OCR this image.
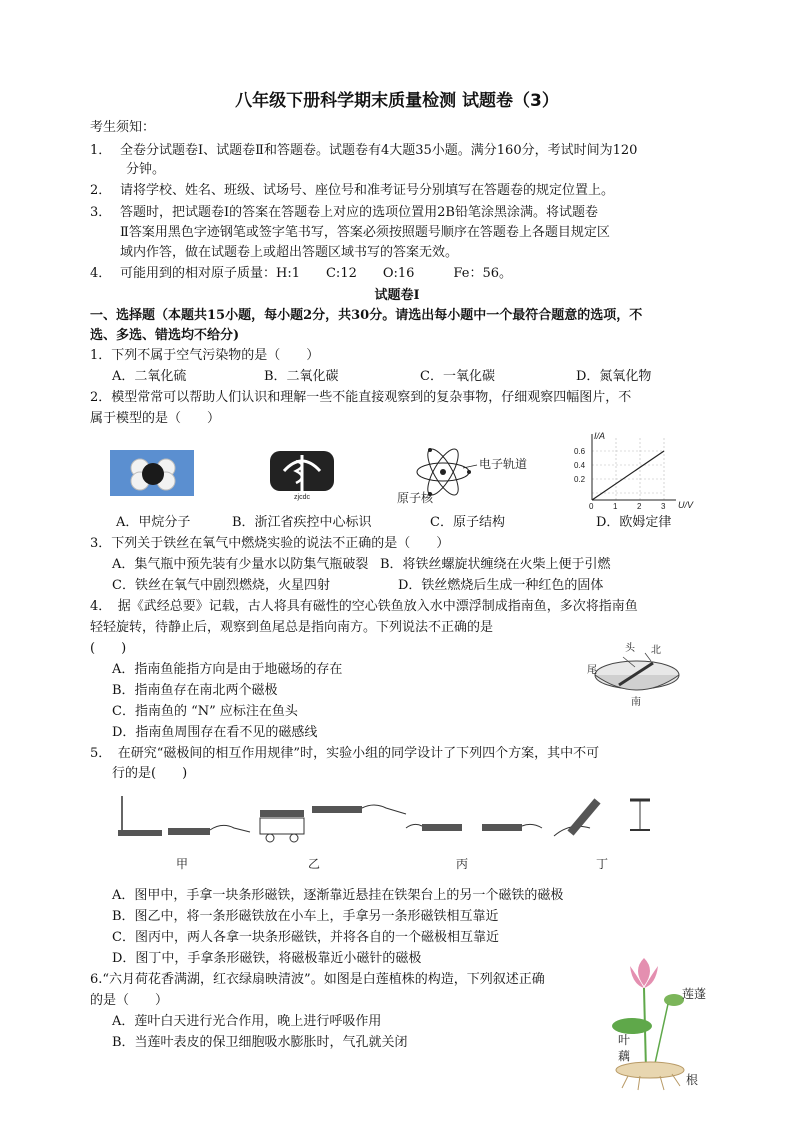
八年级下册科学期末质量检测 试题卷（3）
考生须知：
1． 全卷分试题卷Ⅰ、试题卷Ⅱ和答题卷。试题卷有4大题35小题。满分160分，考试时间为120
分钟。
2． 请将学校、姓名、班级、试场号、座位号和准考证号分别填写在答题卷的规定位置上。
3． 答题时，把试题卷Ⅰ的答案在答题卷上对应的选项位置用2B铅笔涂黑涂满。将试题卷
Ⅱ答案用黑色字迹钢笔或签字笔书写，答案必须按照题号顺序在答题卷上各题目规定区
域内作答，做在试题卷上或超出答题区域书写的答案无效。
4． 可能用到的相对原子质量：H:1　　C:12　　O:16　　　Fe：56。
试题卷Ⅰ
一、选择题（本题共15小题，每小题2分，共30分。请选出每小题中一个最符合题意的选项，不
选、多选、错选均不给分)
1．下列不属于空气污染物的是（　　）
A．二氧化硫	B．二氧化碳	C．一氧化碳	D．氮氧化物
2．模型常常可以帮助人们认识和理解一些不能直接观察到的复杂事物，仔细观察四幅图片，不
属于模型的是（　　）
zjcdc
电子轨道
原子核
I/A
U/V
0.6
0.4
0.2
0 1 2 3
A．甲烷分子	B．浙江省疾控中心标识	C．原子结构	D．欧姆定律
3．下列关于铁丝在氧气中燃烧实验的说法不正确的是（　　）
A．集气瓶中预先装有少量水以防集气瓶破裂 B．将铁丝螺旋状缠绕在火柴上便于引燃
C．铁丝在氧气中剧烈燃烧，火星四射	D．铁丝燃烧后生成一种红色的固体
4．　据《武经总要》记载，古人将具有磁性的空心铁鱼放入水中漂浮制成指南鱼，多次将指南鱼
轻轻旋转，待静止后，观察到鱼尾总是指向南方。下列说法不正确的是
(　　)
A．指南鱼能指方向是由于地磁场的存在
B．指南鱼存在南北两个磁极
C．指南鱼的 “N” 应标注在鱼头
D．指南鱼周围存在看不见的磁感线
头 北
尾
南
5．　在研究“磁极间的相互作用规律”时，实验小组的同学设计了下列四个方案，其中不可
行的是(　　)
甲	乙	丙	丁
A．图甲中，手拿一块条形磁铁，逐渐靠近悬挂在铁架台上的另一个磁铁的磁极
B．图乙中，将一条形磁铁放在小车上，手拿另一条形磁铁相互靠近
C．图丙中，两人各拿一块条形磁铁，并将各自的一个磁极相互靠近
D．图丁中，手拿条形磁铁，将磁极靠近小磁针的磁极
6.“六月荷花香满湖，红衣绿扇映清波”。如图是白莲植株的构造，下列叙述正确
的是（　　）
A．莲叶白天进行光合作用，晚上进行呼吸作用
B．当莲叶表皮的保卫细胞吸水膨胀时，气孔就关闭
莲蓬
叶
藕
根
